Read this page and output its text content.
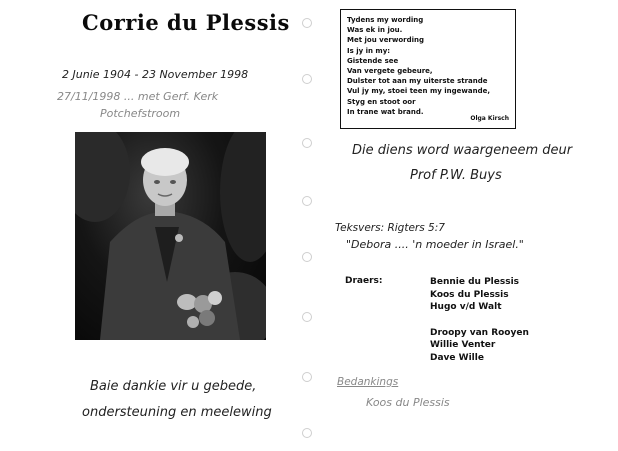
Corrie du Plessis
2 Junie 1904 - 23 November 1998
27/11/1998 ... met Gerf. Kerk
Potchefstroom
Baie dankie vir u gebede,
ondersteuning en meelewing
Tydens my wording
Was ek in jou.
Met jou verwording
Is jy in my:
Gistende see
Van vergete gebeure,
Dulster tot aan my uiterste strande
Vul jy my, stoei teen my ingewande,
Styg en stoot oor
In trane wat brand.
Olga Kirsch
Die diens word waargeneem deur
Prof P.W. Buys
Teksvers: Rigters 5:7
"Debora .... 'n moeder in Israel."
Draers:	Bennie du Plessis
Koos du Plessis
Hugo v/d Walt
Droopy van Rooyen
Willie Venter
Dave Wille
Bedankings
Koos du Plessis
